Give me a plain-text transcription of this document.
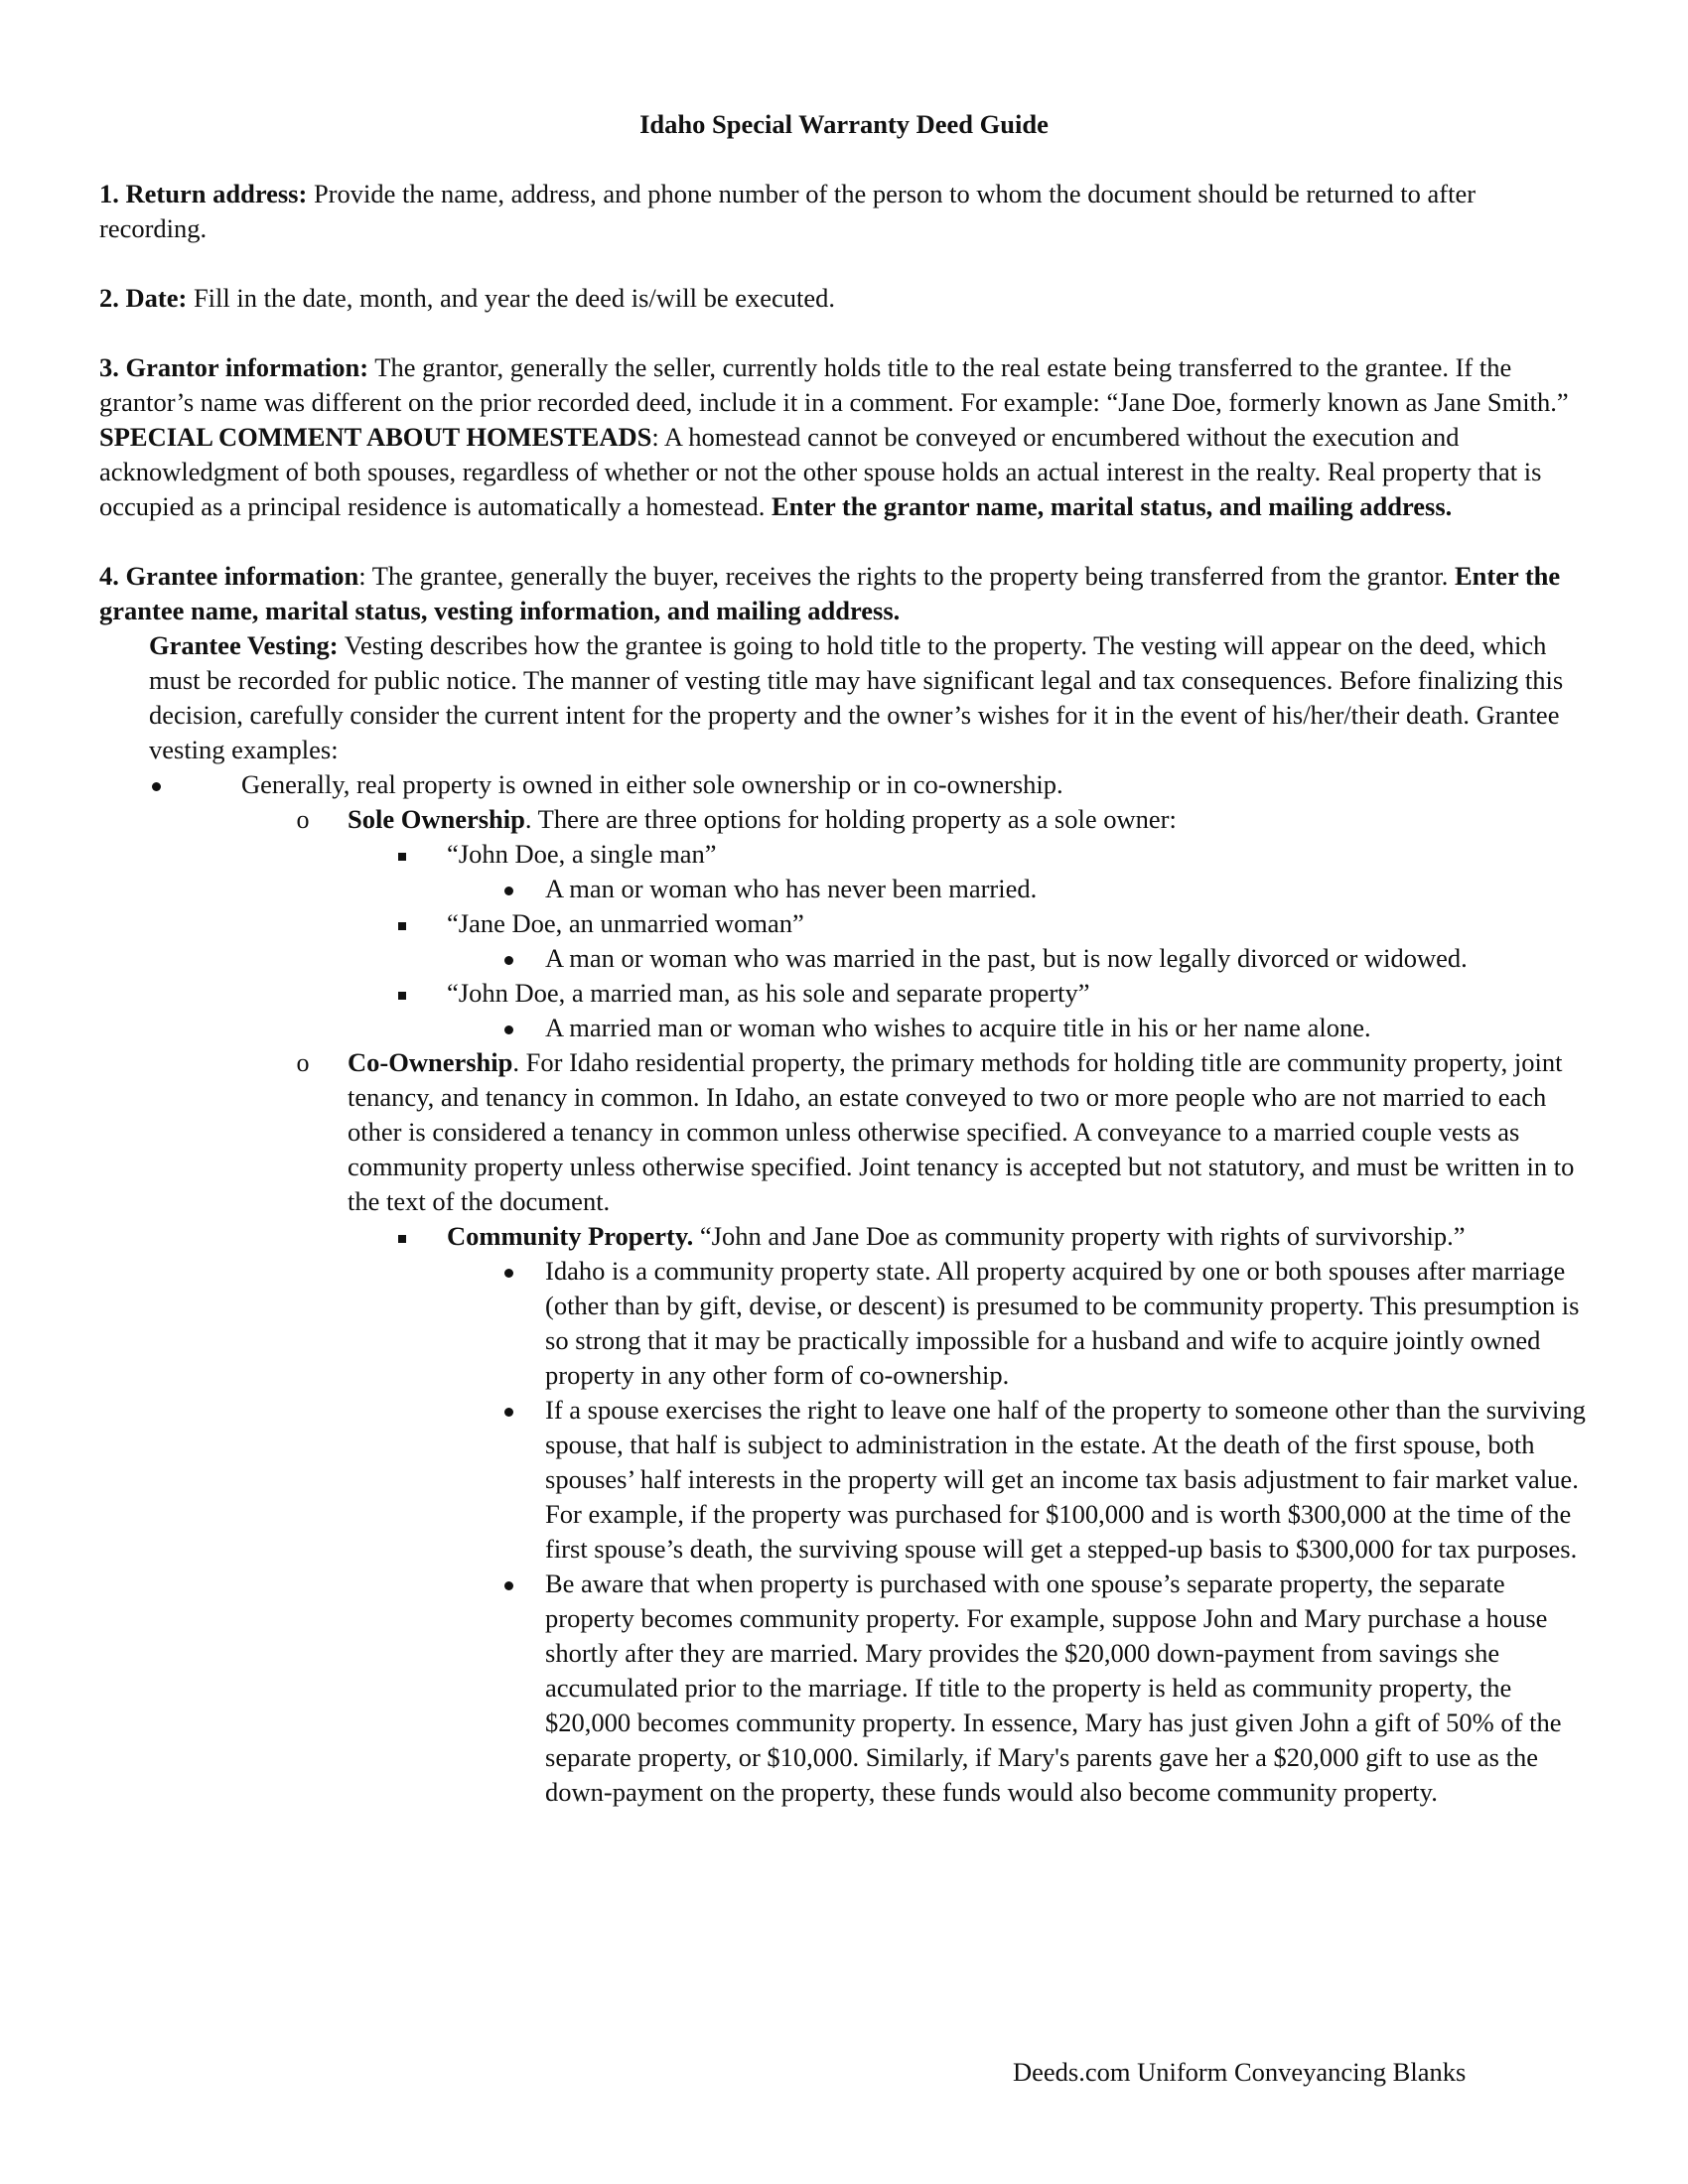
Idaho Special Warranty Deed Guide

1. Return address: Provide the name, address, and phone number of the person to whom the document should be returned to after recording.

2. Date: Fill in the date, month, and year the deed is/will be executed.

3. Grantor information: The grantor, generally the seller, currently holds title to the real estate being transferred to the grantee. If the grantor’s name was different on the prior recorded deed, include it in a comment. For example: “Jane Doe, formerly known as Jane Smith.” SPECIAL COMMENT ABOUT HOMESTEADS: A homestead cannot be conveyed or encumbered without the execution and acknowledgment of both spouses, regardless of whether or not the other spouse holds an actual interest in the realty. Real property that is occupied as a principal residence is automatically a homestead. Enter the grantor name, marital status, and mailing address.

4. Grantee information: The grantee, generally the buyer, receives the rights to the property being transferred from the grantor. Enter the grantee name, marital status, vesting information, and mailing address.

Grantee Vesting: Vesting describes how the grantee is going to hold title to the property. The vesting will appear on the deed, which must be recorded for public notice. The manner of vesting title may have significant legal and tax consequences. Before finalizing this decision, carefully consider the current intent for the property and the owner’s wishes for it in the event of his/her/their death. Grantee vesting examples:

Generally, real property is owned in either sole ownership or in co-ownership.
o	Sole Ownership. There are three options for holding property as a sole owner:
“John Doe, a single man”
A man or woman who has never been married.
“Jane Doe, an unmarried woman”
A man or woman who was married in the past, but is now legally divorced or widowed.
“John Doe, a married man, as his sole and separate property”
A married man or woman who wishes to acquire title in his or her name alone.
o	Co-Ownership. For Idaho residential property, the primary methods for holding title are community property, joint tenancy, and tenancy in common. In Idaho, an estate conveyed to two or more people who are not married to each other is considered a tenancy in common unless otherwise specified. A conveyance to a married couple vests as community property unless otherwise specified. Joint tenancy is accepted but not statutory, and must be written in to the text of the document.
Community Property. “John and Jane Doe as community property with rights of survivorship.”
Idaho is a community property state. All property acquired by one or both spouses after marriage (other than by gift, devise, or descent) is presumed to be community property. This presumption is so strong that it may be practically impossible for a husband and wife to acquire jointly owned property in any other form of co-ownership.
If a spouse exercises the right to leave one half of the property to someone other than the surviving spouse, that half is subject to administration in the estate. At the death of the first spouse, both spouses’ half interests in the property will get an income tax basis adjustment to fair market value. For example, if the property was purchased for $100,000 and is worth $300,000 at the time of the first spouse’s death, the surviving spouse will get a stepped-up basis to $300,000 for tax purposes.
Be aware that when property is purchased with one spouse’s separate property, the separate property becomes community property. For example, suppose John and Mary purchase a house shortly after they are married. Mary provides the $20,000 down-payment from savings she accumulated prior to the marriage. If title to the property is held as community property, the $20,000 becomes community property. In essence, Mary has just given John a gift of 50% of the separate property, or $10,000. Similarly, if Mary's parents gave her a $20,000 gift to use as the down-payment on the property, these funds would also become community property.
Deeds.com Uniform Conveyancing Blanks
